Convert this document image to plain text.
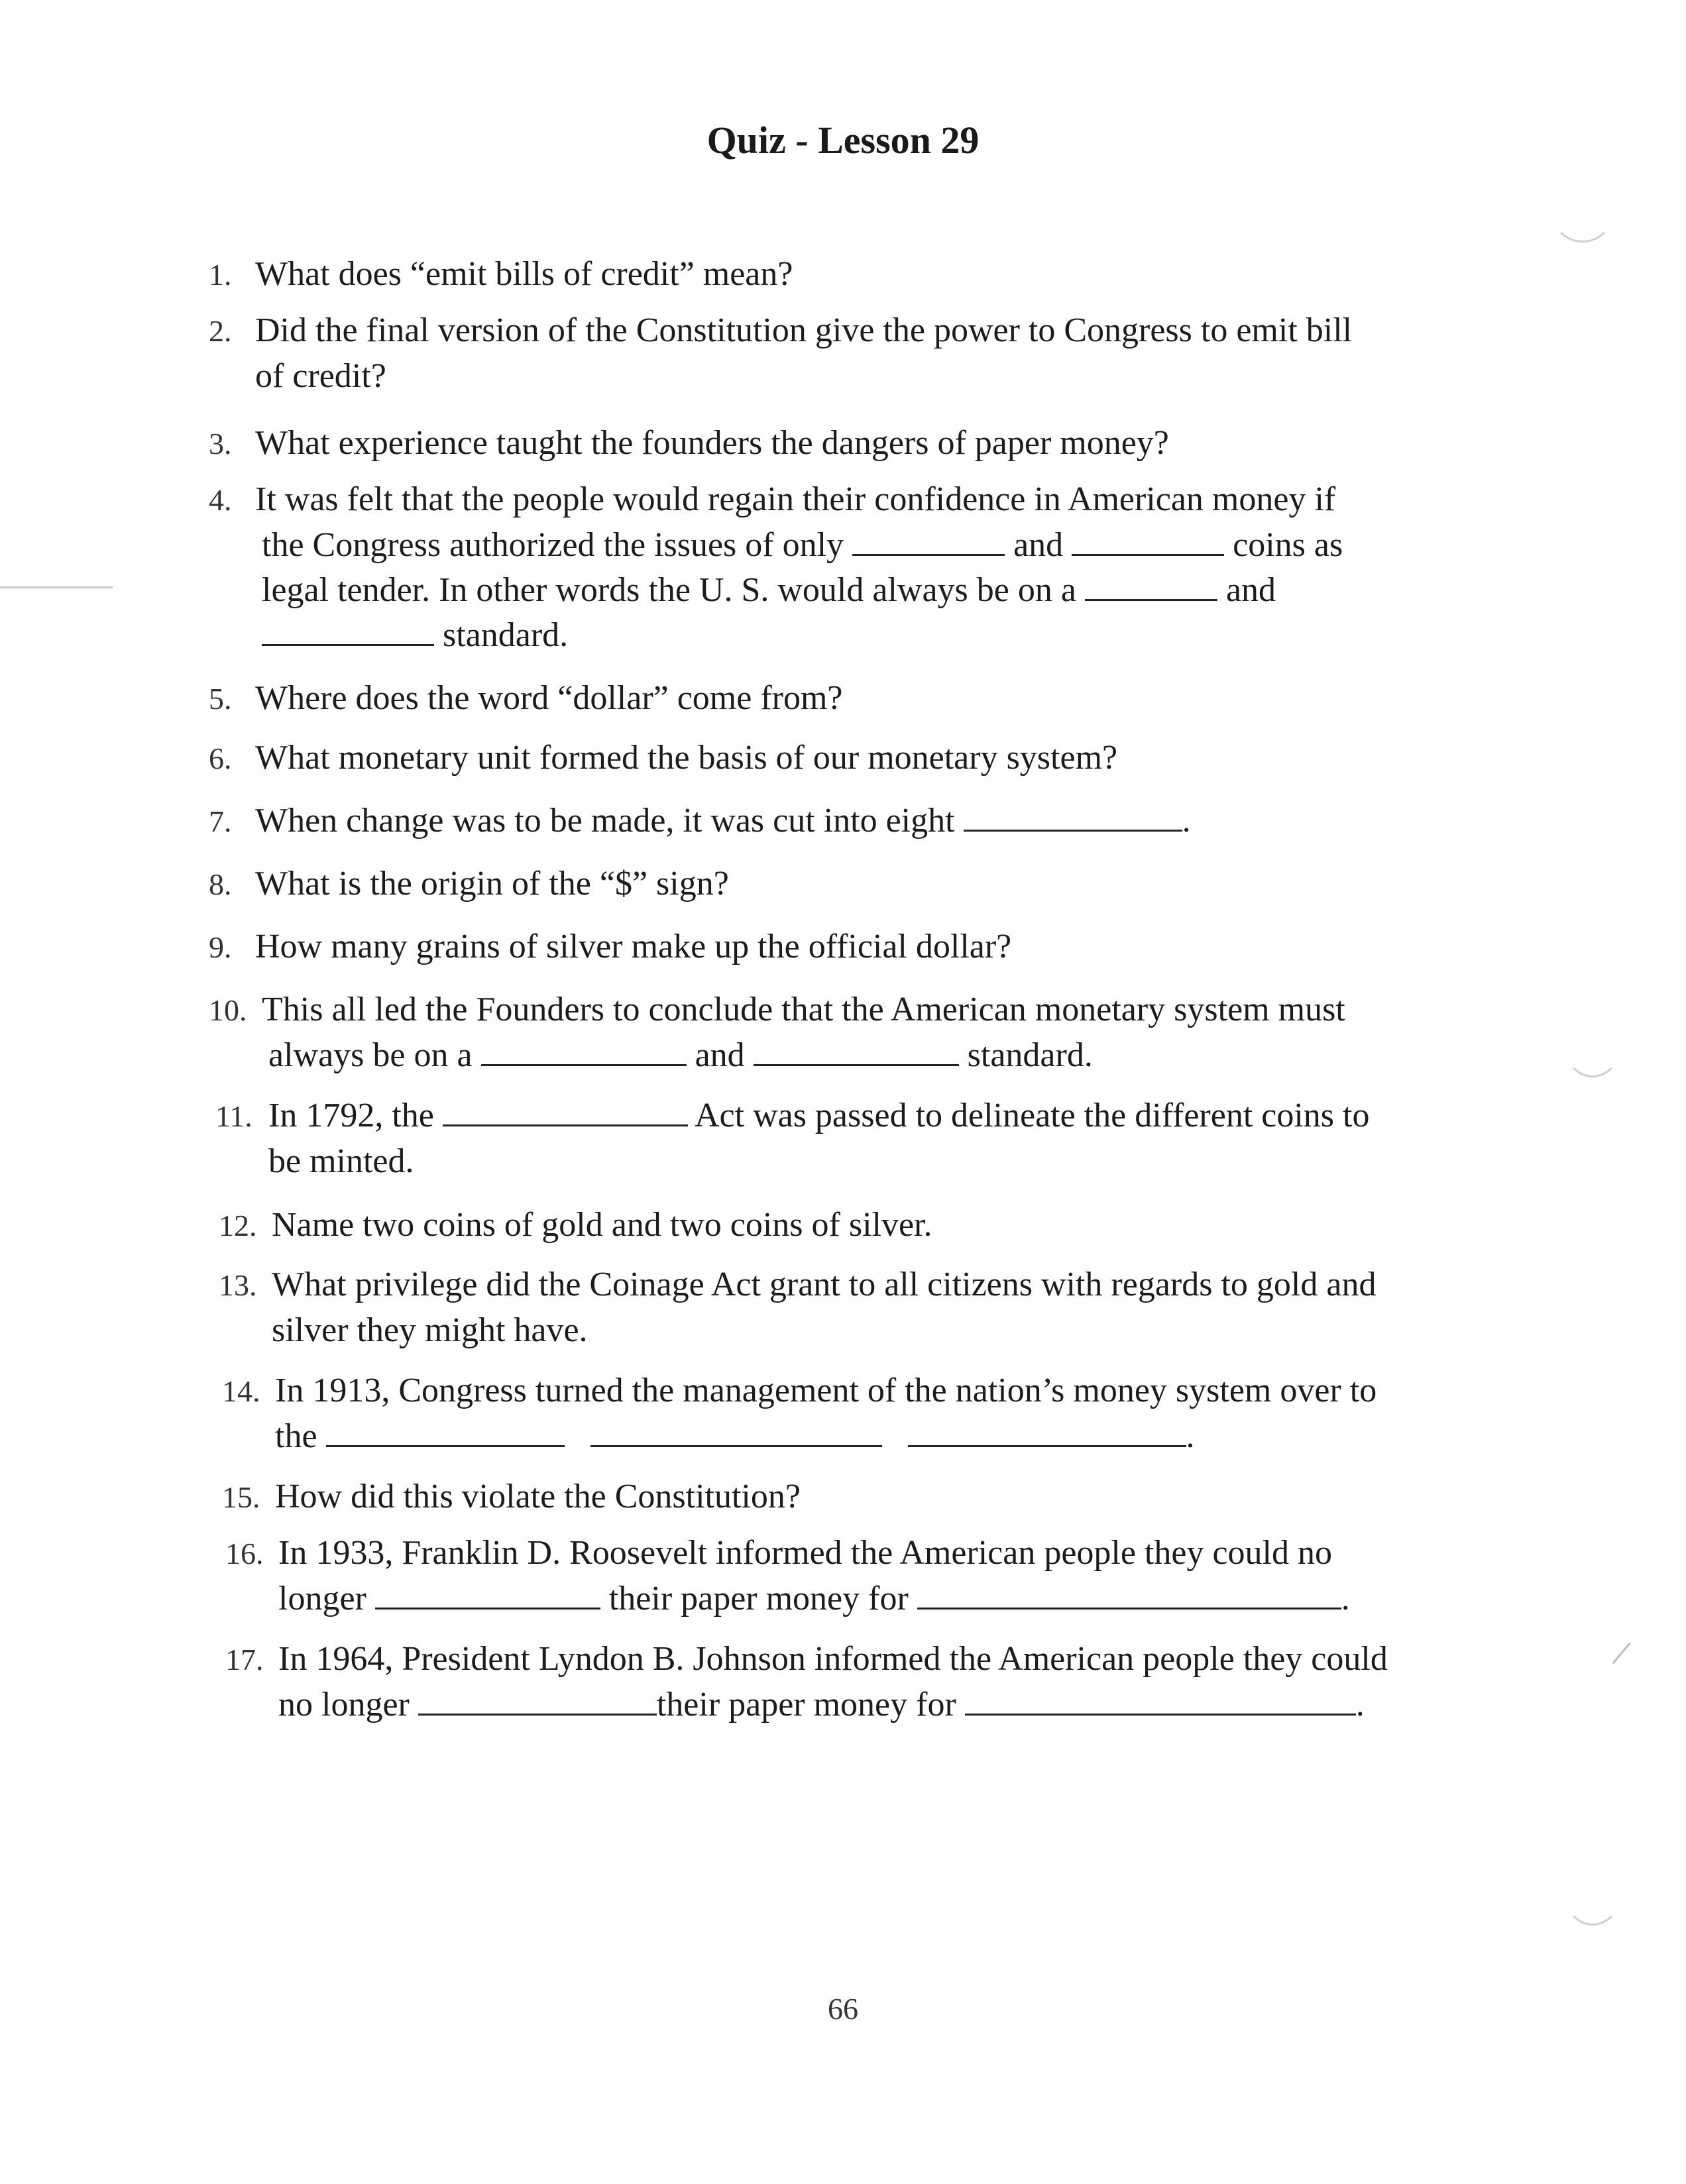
Quiz - Lesson 29
1. What does “emit bills of credit” mean?
2. Did the final version of the Constitution give the power to Congress to emit bill
of credit?
3. What experience taught the founders the dangers of paper money?
4. It was felt that the people would regain their confidence in American money if
the Congress authorized the issues of only	and	coins as
legal tender. In other words the U. S. would always be on a	and
standard.
5. Where does the word “dollar” come from?
6. What monetary unit formed the basis of our monetary system?
7. When change was to be made, it was cut into eight	.
8. What is the origin of the “$” sign?
9. How many grains of silver make up the official dollar?
10. This all led the Founders to conclude that the American monetary system must
always be on a	and	standard.
11. In 1792, the	Act was passed to delineate the different coins to
be minted.
12. Name two coins of gold and two coins of silver.
13. What privilege did the Coinage Act grant to all citizens with regards to gold and
silver they might have.
14. In 1913, Congress turned the management of the nation’s money system over to
the	.
15. How did this violate the Constitution?
16. In 1933, Franklin D. Roosevelt informed the American people they could no
longer	their paper money for	.
17. In 1964, President Lyndon B. Johnson informed the American people they could
no longer	their paper money for	.
66
